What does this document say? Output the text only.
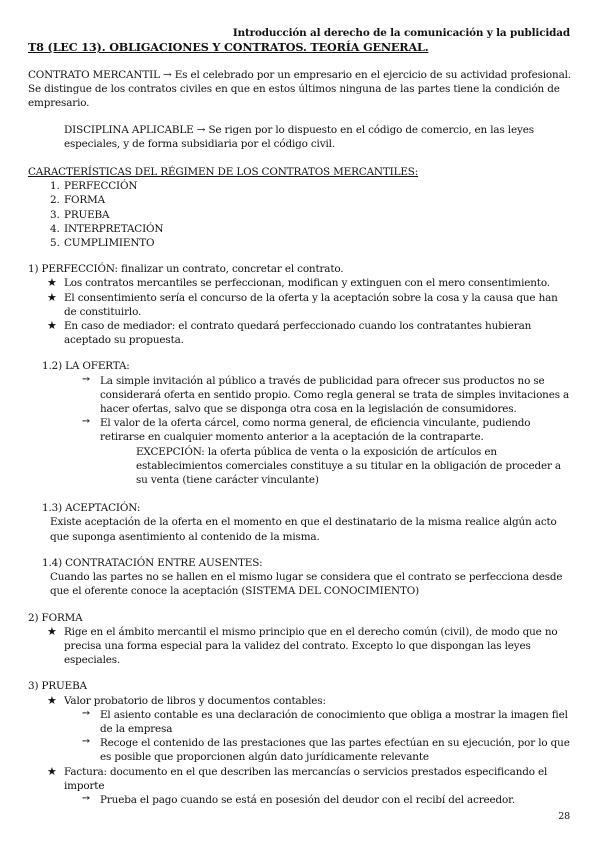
Introducción al derecho de la comunicación y la publicidad
T8 (LEC 13). OBLIGACIONES Y CONTRATOS. TEORÍA GENERAL.

CONTRATO MERCANTIL → Es el celebrado por un empresario en el ejercicio de su actividad profesional. Se distingue de los contratos civiles en que en estos últimos ninguna de las partes tiene la condición de empresario.

DISCIPLINA APLICABLE → Se rigen por lo dispuesto en el código de comercio, en las leyes especiales, y de forma subsidiaria por el código civil.

CARACTERÍSTICAS DEL RÉGIMEN DE LOS CONTRATOS MERCANTILES:

1. PERFECCIÓN
2. FORMA
3. PRUEBA
4. INTERPRETACIÓN
5. CUMPLIMIENTO

1) PERFECCIÓN: finalizar un contrato, concretar el contrato.

★ Los contratos mercantiles se perfeccionan, modifican y extinguen con el mero consentimiento.
★ El consentimiento sería el concurso de la oferta y la aceptación sobre la cosa y la causa que han de constituirlo.
★ En caso de mediador: el contrato quedará perfeccionado cuando los contratantes hubieran aceptado su propuesta.

1.2) LA OFERTA:

➙ La simple invitación al público a través de publicidad para ofrecer sus productos no se considerará oferta en sentido propio. Como regla general se trata de simples invitaciones a hacer ofertas, salvo que se disponga otra cosa en la legislación de consumidores.
➙ El valor de la oferta cárcel, como norma general, de eficiencia vinculante, pudiendo retirarse en cualquier momento anterior a la aceptación de la contraparte.

EXCEPCIÓN: la oferta pública de venta o la exposición de artículos en establecimientos comerciales constituye a su titular en la obligación de proceder a su venta (tiene carácter vinculante)

1.3) ACEPTACIÓN:

Existe aceptación de la oferta en el momento en que el destinatario de la misma realice algún acto que suponga asentimiento al contenido de la misma.

1.4) CONTRATACIÓN ENTRE AUSENTES:

Cuando las partes no se hallen en el mismo lugar se considera que el contrato se perfecciona desde que el oferente conoce la aceptación (SISTEMA DEL CONOCIMIENTO)

2) FORMA

★ Rige en el ámbito mercantil el mismo principio que en el derecho común (civil), de modo que no precisa una forma especial para la validez del contrato. Excepto lo que dispongan las leyes especiales.

3) PRUEBA

★ Valor probatorio de libros y documentos contables:
➙ El asiento contable es una declaración de conocimiento que obliga a mostrar la imagen fiel de la empresa
➙ Recoge el contenido de las prestaciones que las partes efectúan en su ejecución, por lo que es posible que proporcionen algún dato jurídicamente relevante
★ Factura: documento en el que describen las mercancías o servicios prestados especificando el importe
➙ Prueba el pago cuando se está en posesión del deudor con el recibí del acreedor.
28
